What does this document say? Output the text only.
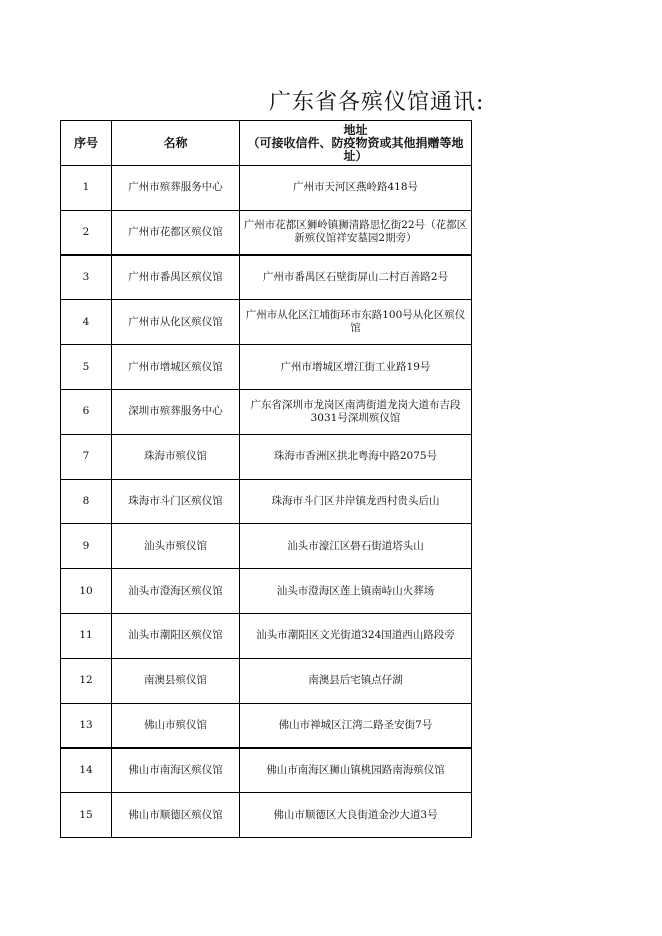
广东省各殡仪馆通讯:
序号	名称	地址
（可接收信件、防疫物资或其他捐赠等地址）

1	广州市殡葬服务中心	广州市天河区燕岭路418号
2	广州市花都区殡仪馆	广州市花都区狮岭镇狮清路思忆街22号（花都区新殡仪馆祥安墓园2期旁）
3	广州市番禺区殡仪馆	广州市番禺区石壁街屏山二村百善路2号
4	广州市从化区殡仪馆	广州市从化区江埔街环市东路100号从化区殡仪馆
5	广州市增城区殡仪馆	广州市增城区增江街工业路19号
6	深圳市殡葬服务中心	广东省深圳市龙岗区南湾街道龙岗大道布吉段3031号深圳殡仪馆
7	珠海市殡仪馆	珠海市香洲区拱北粤海中路2075号
8	珠海市斗门区殡仪馆	珠海市斗门区井岸镇龙西村贵头后山
9	汕头市殡仪馆	汕头市濠江区礐石街道塔头山
10	汕头市澄海区殡仪馆	汕头市澄海区莲上镇南峙山火葬场
11	汕头市潮阳区殡仪馆	汕头市潮阳区文光街道324国道西山路段旁
12	南澳县殡仪馆	南澳县后宅镇点仔湖
13	佛山市殡仪馆	佛山市禅城区江湾二路圣安街7号
14	佛山市南海区殡仪馆	佛山市南海区狮山镇桃园路南海殡仪馆
15	佛山市顺德区殡仪馆	佛山市顺德区大良街道金沙大道3号
